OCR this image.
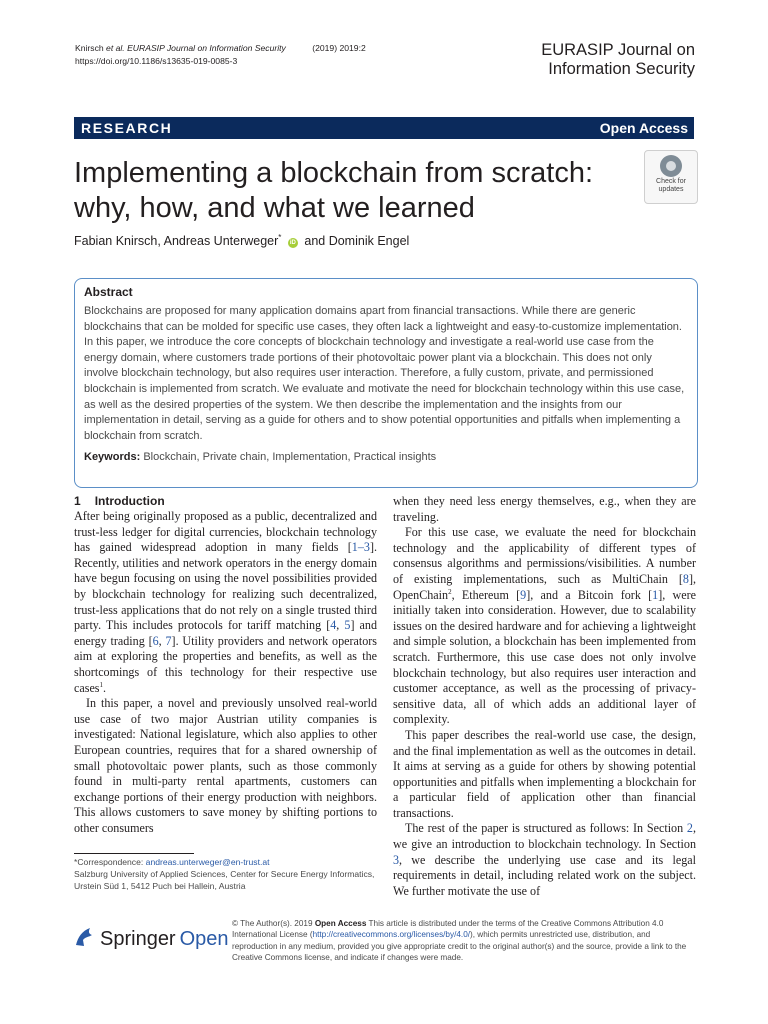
Knirsch et al. EURASIP Journal on Information Security	(2019) 2019:2
https://doi.org/10.1186/s13635-019-0085-3
EURASIP Journal on
Information Security
RESEARCH	Open Access
Implementing a blockchain from scratch: why, how, and what we learned
Check for
updates
Fabian Knirsch, Andreas Unterweger* iD and Dominik Engel
Abstract

Blockchains are proposed for many application domains apart from financial transactions. While there are generic blockchains that can be molded for specific use cases, they often lack a lightweight and easy-to-customize implementation. In this paper, we introduce the core concepts of blockchain technology and investigate a real-world use case from the energy domain, where customers trade portions of their photovoltaic power plant via a blockchain. This does not only involve blockchain technology, but also requires user interaction. Therefore, a fully custom, private, and permissioned blockchain is implemented from scratch. We evaluate and motivate the need for blockchain technology within this use case, as well as the desired properties of the system. We then describe the implementation and the insights from our implementation in detail, serving as a guide for others and to show potential opportunities and pitfalls when implementing a blockchain from scratch.

Keywords: Blockchain, Private chain, Implementation, Practical insights
1 Introduction

After being originally proposed as a public, decentralized and trust-less ledger for digital currencies, blockchain technology has gained widespread adoption in many fields [1–3]. Recently, utilities and network operators in the energy domain have begun focusing on using the novel possibilities provided by blockchain technology for realizing such decentralized, trust-less applications that do not rely on a single trusted third party. This includes protocols for tariff matching [4, 5] and energy trading [6, 7]. Utility providers and network operators aim at exploring the properties and benefits, as well as the shortcomings of this technology for their respective use cases$^1$.

In this paper, a novel and previously unsolved real-world use case of two major Austrian utility companies is investigated: National legislature, which also applies to other European countries, requires that for a shared ownership of small photovoltaic power plants, such as those commonly found in multi-party rental apartments, customers can exchange portions of their energy production with neighbors. This allows customers to save money by shifting portions to other consumers

when they need less energy themselves, e.g., when they are traveling.

For this use case, we evaluate the need for blockchain technology and the applicability of different types of consensus algorithms and permissions/visibilities. A number of existing implementations, such as MultiChain [8], OpenChain$^2$, Ethereum [9], and a Bitcoin fork [1], were initially taken into consideration. However, due to scalability issues on the desired hardware and for achieving a lightweight and simple solution, a blockchain has been implemented from scratch. Furthermore, this use case does not only involve blockchain technology, but also requires user interaction and customer acceptance, as well as the processing of privacy-sensitive data, all of which adds an additional layer of complexity.

This paper describes the real-world use case, the design, and the final implementation as well as the outcomes in detail. It aims at serving as a guide for others by showing potential opportunities and pitfalls when implementing a blockchain for a particular field of application other than financial transactions.

The rest of the paper is structured as follows: In Section 2, we give an introduction to blockchain technology. In Section 3, we describe the underlying use case and its legal requirements in detail, including related work on the subject. We further motivate the use of

*Correspondence: andreas.unterweger@en-trust.at
Salzburg University of Applied Sciences, Center for Secure Energy Informatics,
Urstein Süd 1, 5412 Puch bei Hallein, Austria
Springer Open
© The Author(s). 2019 Open Access This article is distributed under the terms of the Creative Commons Attribution 4.0 International License (http://creativecommons.org/licenses/by/4.0/), which permits unrestricted use, distribution, and reproduction in any medium, provided you give appropriate credit to the original author(s) and the source, provide a link to the Creative Commons license, and indicate if changes were made.
